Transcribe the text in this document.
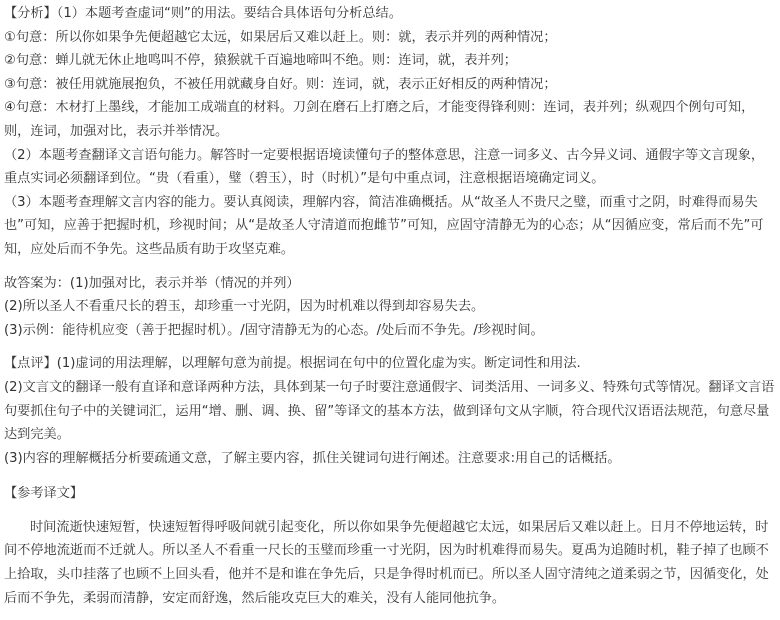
【分析】（1）本题考查虚词“则”的用法。要结合具体语句分析总结。

①句意：所以你如果争先便超越它太远，如果居后又难以赶上。则：就，表示并列的两种情况；

②句意：蝉儿就无休止地鸣叫不停，猿猴就千百遍地啼叫不绝。则：连词，就，表并列；

③句意：被任用就施展抱负，不被任用就藏身自好。则：连词，就，表示正好相反的两种情况；

④句意：木材打上墨线，才能加工成端直的材料。刀剑在磨石上打磨之后，才能变得锋利则：连词，表并列；纵观四个例句可知，则，连词，加强对比，表示并举情况。

（2）本题考查翻译文言语句能力。解答时一定要根据语境读懂句子的整体意思，注意一词多义、古今异义词、通假字等文言现象，重点实词必须翻译到位。“贵（看重），璧（碧玉），时（时机）”是句中重点词，注意根据语境确定词义。

（3）本题考查理解文言内容的能力。要认真阅读，理解内容，简洁准确概括。从“故圣人不贵尺之璧，而重寸之阴，时难得而易失也”可知，应善于把握时机，珍视时间；从“是故圣人守清道而抱雌节”可知，应固守清静无为的心态；从“因循应变，常后而不先”可知，应处后而不争先。这些品质有助于攻坚克难。

故答案为：(1)加强对比，表示并举（情况的并列）

(2)所以圣人不看重尺长的碧玉，却珍重一寸光阴，因为时机难以得到却容易失去。

(3)示例：能待机应变（善于把握时机）。/固守清静无为的心态。/处后而不争先。/珍视时间。

【点评】(1)虚词的用法理解，以理解句意为前提。根据词在句中的位置化虚为实。断定词性和用法.

(2)文言文的翻译一般有直译和意译两种方法，具体到某一句子时要注意通假字、词类活用、一词多义、特殊句式等情况。翻译文言语句要抓住句子中的关键词汇，运用“增、删、调、换、留”等译文的基本方法，做到译句文从字顺，符合现代汉语语法规范，句意尽量达到完美。

(3)内容的理解概括分析要疏通文意，了解主要内容，抓住关键词句进行阐述。注意要求:用自己的话概括。

【参考译文】

时间流逝快速短暂，快速短暂得呼吸间就引起变化，所以你如果争先便超越它太远，如果居后又难以赶上。日月不停地运转，时间不停地流逝而不迁就人。所以圣人不看重一尺长的玉璧而珍重一寸光阴，因为时机难得而易失。夏禹为追随时机，鞋子掉了也顾不上拾取，头巾挂落了也顾不上回头看，他并不是和谁在争先后，只是争得时机而已。所以圣人固守清纯之道柔弱之节，因循变化，处后而不争先，柔弱而清静，安定而舒逸，然后能攻克巨大的难关，没有人能同他抗争。
